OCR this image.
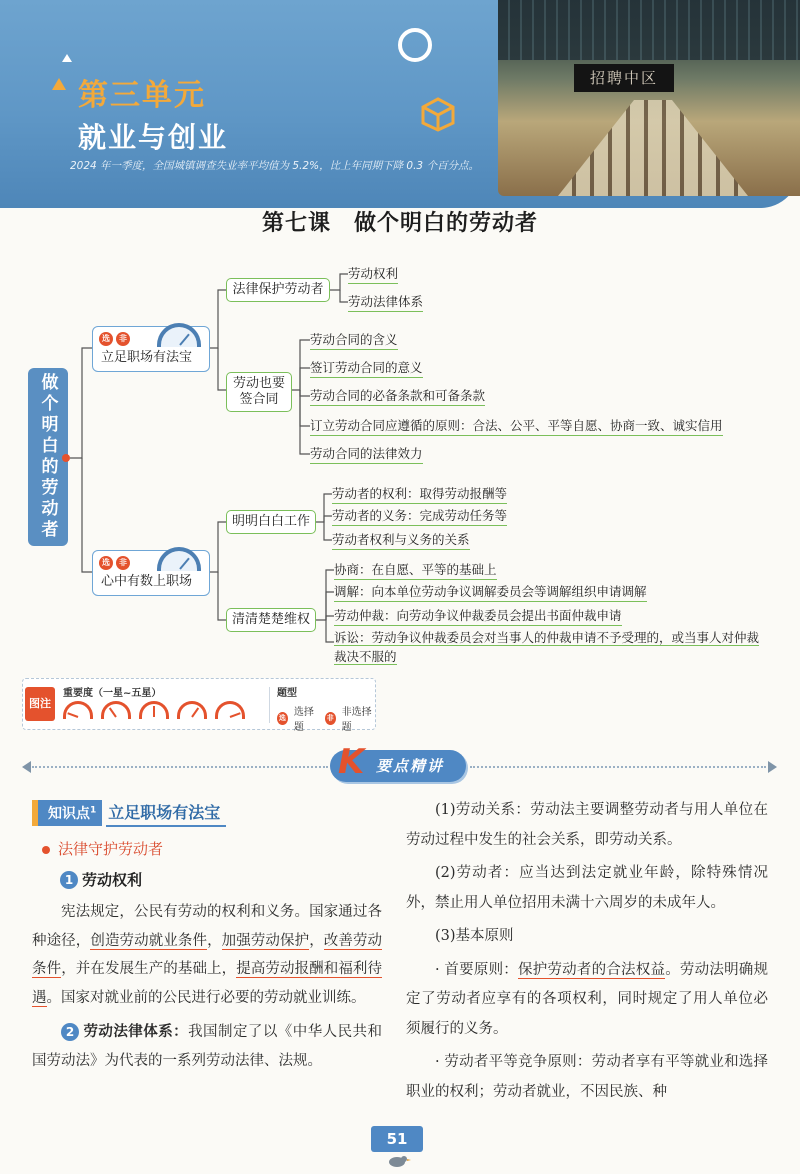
招聘中区
第三单元
就业与创业
2024 年一季度，全国城镇调查失业率平均值为 5.2%，比上年同期下降 0.3 个百分点。
第七课　做个明白的劳动者
做个明白的劳动者
选	非
立足职场有法宝
法律保护劳动者
劳动权利
劳动法律体系
劳动也要签合同
劳动合同的含义
签订劳动合同的意义
劳动合同的必备条款和可备条款
订立劳动合同应遵循的原则：合法、公平、平等自愿、协商一致、诚实信用
劳动合同的法律效力
选	非
心中有数上职场
明明白白工作
劳动者的权利：取得劳动报酬等
劳动者的义务：完成劳动任务等
劳动者权利与义务的关系
清清楚楚维权
协商：在自愿、平等的基础上
调解：向本单位劳动争议调解委员会等调解组织申请调解
劳动仲裁：向劳动争议仲裁委员会提出书面仲裁申请
诉讼：劳动争议仲裁委员会对当事人的仲裁申请不予受理的，或当事人对仲裁裁决不服的
图注
重要度（一星~五星）	题型
选 选择题
非 非选择题
K 要点精讲
知识点$^1$ 立足职场有法宝
法律守护劳动者
1 劳动权利

宪法规定，公民有劳动的权利和义务。国家通过各种途径，创造劳动就业条件，加强劳动保护，改善劳动条件，并在发展生产的基础上，提高劳动报酬和福利待遇。国家对就业前的公民进行必要的劳动就业训练。

2 劳动法律体系：我国制定了以《中华人民共和国劳动法》为代表的一系列劳动法律、法规。

(1)劳动关系：劳动法主要调整劳动者与用人单位在劳动过程中发生的社会关系，即劳动关系。

(2)劳动者：应当达到法定就业年龄，除特殊情况外，禁止用人单位招用未满十六周岁的未成年人。

(3)基本原则

· 首要原则：保护劳动者的合法权益。劳动法明确规定了劳动者应享有的各项权利，同时规定了用人单位必须履行的义务。

· 劳动者平等竞争原则：劳动者享有平等就业和选择职业的权利；劳动者就业，不因民族、种

51
